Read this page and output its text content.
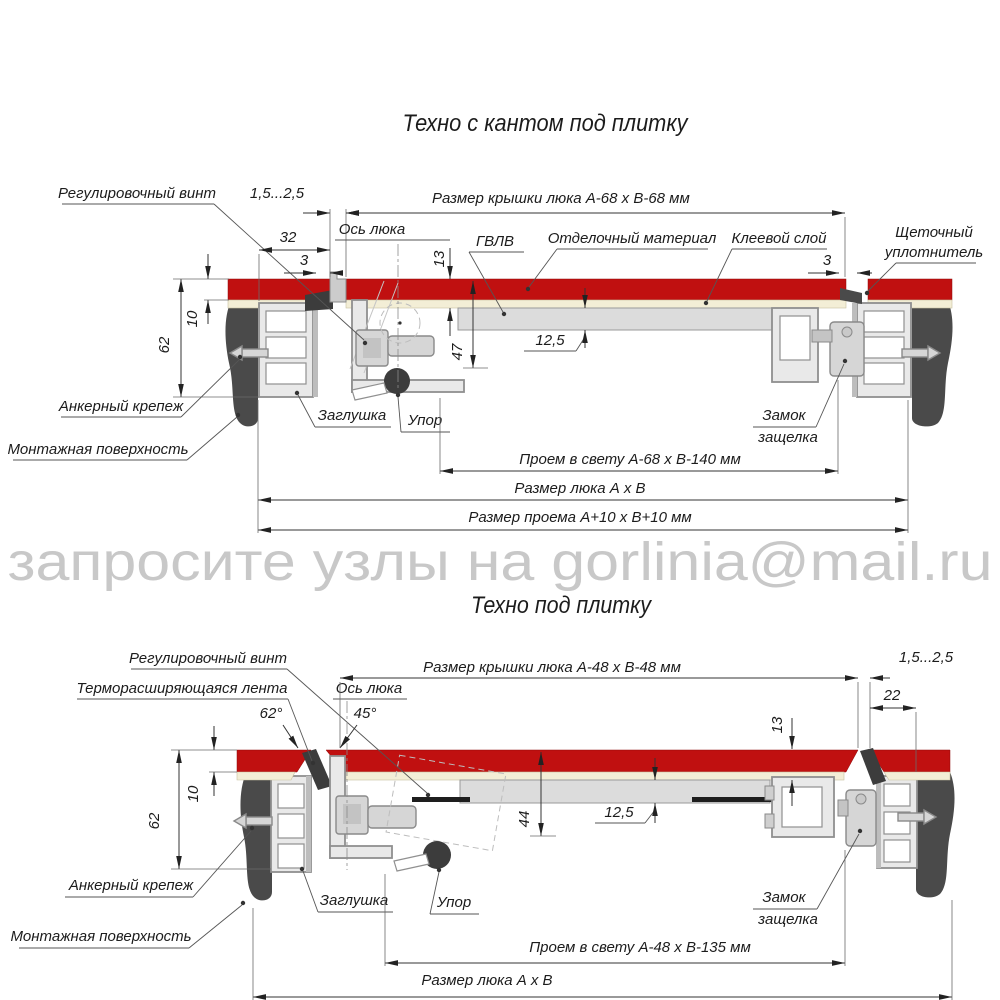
Техно с кантом под плитку
запросите узлы на gorlinia@mail.ru
Техно под плитку
Регулировочный винт 1,5...2,5	Размер крышки люка А-68 х В-68 мм
32
3
Ось люка
ГВЛВ Отделочный материал Клеевой слой
3
Щеточный
уплотнитель
13
10
62	47
12,5
Анкерный крепеж
Монтажная поверхность
Заглушка Упор	Замок
защелка
Проем в свету А-68 х В-140 мм
Размер люка А х В
Размер проема А+10 х В+10 мм
Регулировочный винт
Терморасширяющаяся лента
62°
Ось люка
45°
Размер крышки люка А-48 х В-48 мм
1,5...2,5
22
13
10
62	44	12,5
Анкерный крепеж
Монтажная поверхность
Заглушка	Упор	Замок
защелка
Проем в свету А-48 х В-135 мм
Размер люка А х В
